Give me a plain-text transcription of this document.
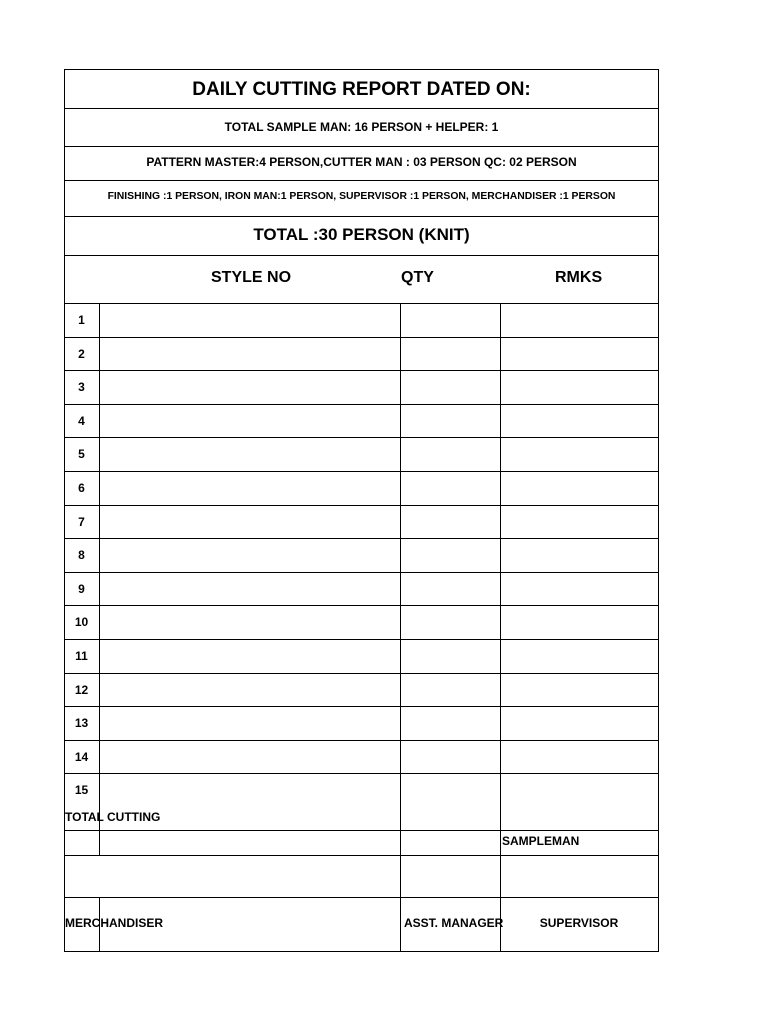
DAILY CUTTING REPORT DATED ON:
TOTAL SAMPLE MAN: 16 PERSON + HELPER: 1
PATTERN MASTER:4 PERSON,CUTTER MAN : 03 PERSON QC: 02 PERSON
FINISHING :1 PERSON, IRON MAN:1 PERSON, SUPERVISOR :1 PERSON, MERCHANDISER :1 PERSON
TOTAL :30 PERSON (KNIT)
STYLE NO	QTY	RMKS
1
2
3
4
5
6
7
8
9
10
11
12
13
14
15
TOTAL CUTTING
SAMPLEMAN
MERCHANDISER	ASST. MANAGER	SUPERVISOR
